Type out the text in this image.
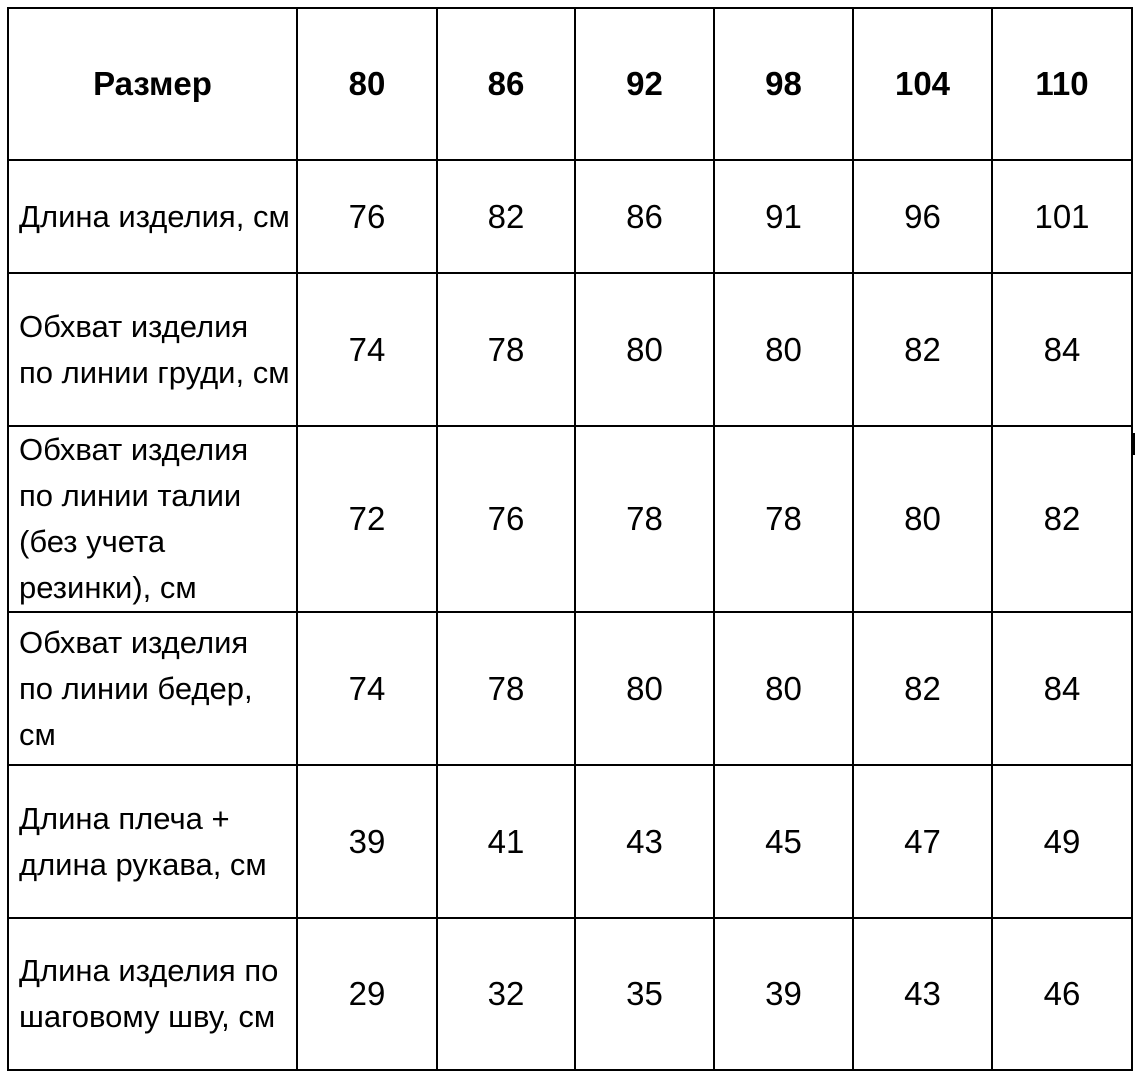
Размер	80	86	92	98	104	110
Длина изделия, см	76	82	86	91	96	101
Обхват изделия по линии груди, см	74	78	80	80	82	84
Обхват изделия по линии талии (без учета резинки), см	72	76	78	78	80	82
Обхват изделия по линии бедер, см	74	78	80	80	82	84
Длина плеча + длина рукава, см	39	41	43	45	47	49
Длина изделия по шаговому шву, см	29	32	35	39	43	46
